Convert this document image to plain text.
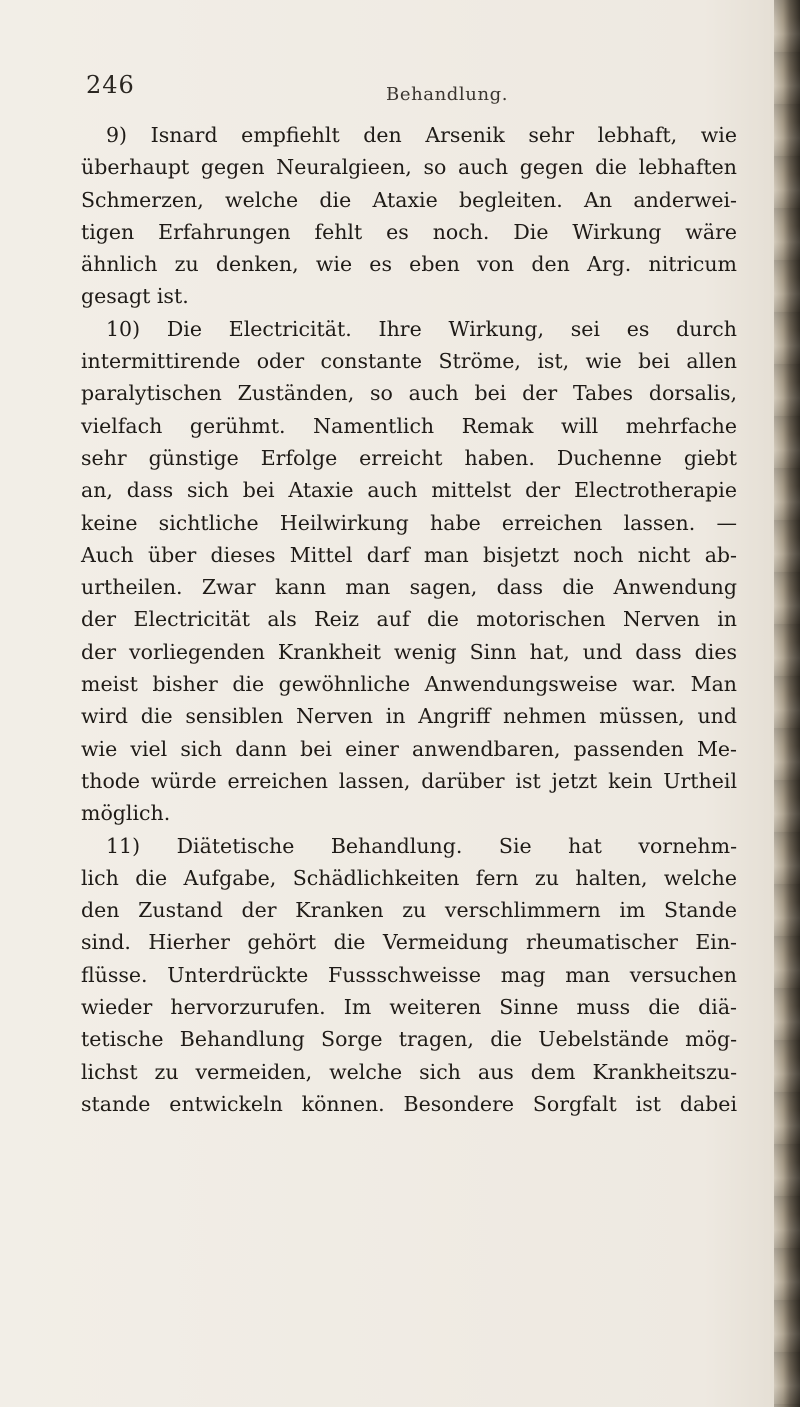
246	Behandlung.
9) Isnard empfiehlt den Arsenik sehr lebhaft, wie
überhaupt gegen Neuralgieen, so auch gegen die lebhaften
Schmerzen, welche die Ataxie begleiten. An anderwei-
tigen Erfahrungen fehlt es noch. Die Wirkung wäre
ähnlich zu denken, wie es eben von den Arg. nitricum
gesagt ist.
10) Die Electricität. Ihre Wirkung, sei es durch
intermittirende oder constante Ströme, ist, wie bei allen
paralytischen Zuständen, so auch bei der Tabes dorsalis,
vielfach gerühmt. Namentlich Remak will mehrfache
sehr günstige Erfolge erreicht haben. Duchenne giebt
an, dass sich bei Ataxie auch mittelst der Electrotherapie
keine sichtliche Heilwirkung habe erreichen lassen. —
Auch über dieses Mittel darf man bisjetzt noch nicht ab-
urtheilen. Zwar kann man sagen, dass die Anwendung
der Electricität als Reiz auf die motorischen Nerven in
der vorliegenden Krankheit wenig Sinn hat, und dass dies
meist bisher die gewöhnliche Anwendungsweise war. Man
wird die sensiblen Nerven in Angriff nehmen müssen, und
wie viel sich dann bei einer anwendbaren, passenden Me-
thode würde erreichen lassen, darüber ist jetzt kein Urtheil
möglich.
11) Diätetische Behandlung. Sie hat vornehm-
lich die Aufgabe, Schädlichkeiten fern zu halten, welche
den Zustand der Kranken zu verschlimmern im Stande
sind. Hierher gehört die Vermeidung rheumatischer Ein-
flüsse. Unterdrückte Fussschweisse mag man versuchen
wieder hervorzurufen. Im weiteren Sinne muss die diä-
tetische Behandlung Sorge tragen, die Uebelstände mög-
lichst zu vermeiden, welche sich aus dem Krankheitszu-
stande entwickeln können. Besondere Sorgfalt ist dabei
